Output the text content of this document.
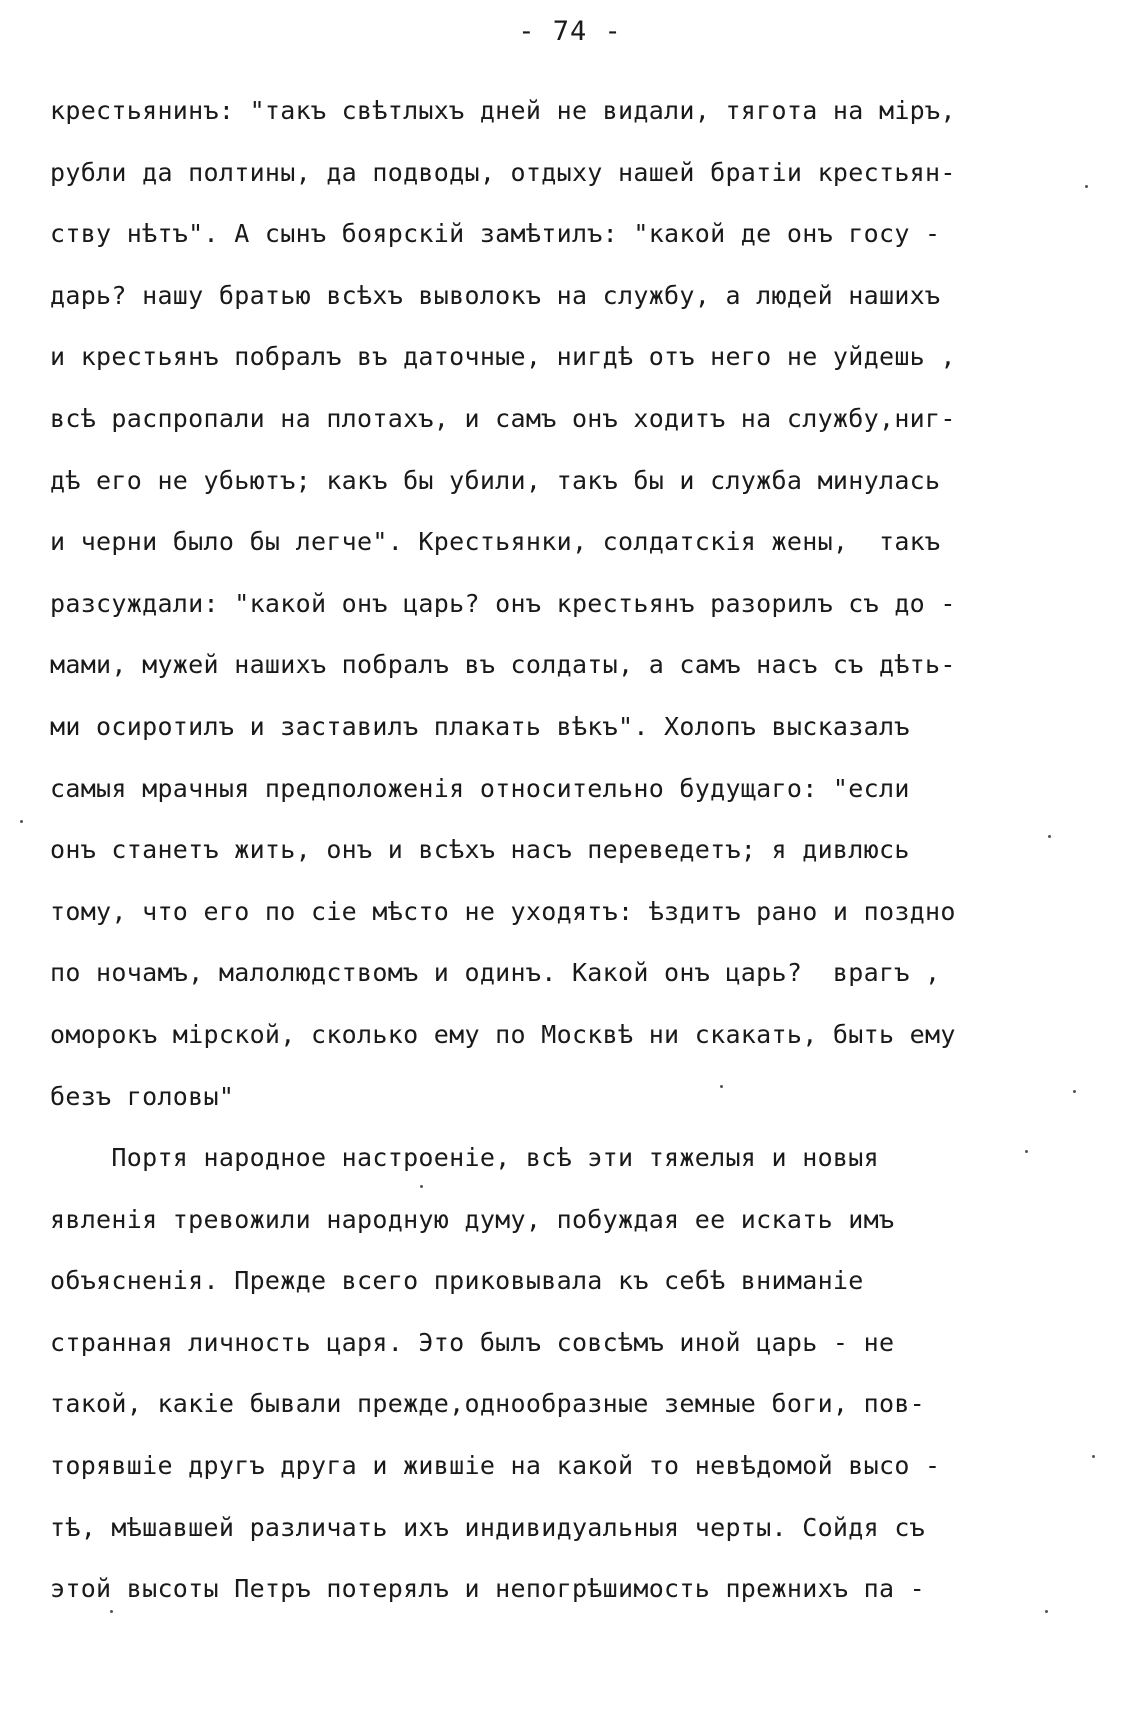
- 74 -
крестьянинъ: "такъ свѣтлыхъ дней не видали, тягота на міръ,
рубли да полтины, да подводы, отдыху нашей братіи крестьян-
ству нѣтъ". А сынъ боярскій замѣтилъ: "какой де онъ госу -
дарь? нашу братью всѣхъ выволокъ на службу, а людей нашихъ
и крестьянъ побралъ въ даточные, нигдѣ отъ него не уйдешь ,
всѣ распропали на плотахъ, и самъ онъ ходитъ на службу,ниг-
дѣ его не убьютъ; какъ бы убили, такъ бы и служба минулась
и черни было бы легче". Крестьянки, солдатскія жены,  такъ
разсуждали: "какой онъ царь? онъ крестьянъ разорилъ съ до -
мами, мужей нашихъ побралъ въ солдаты, а самъ насъ съ дѣть-
ми осиротилъ и заставилъ плакать вѣкъ". Холопъ высказалъ
самыя мрачныя предположенія относительно будущаго: "если
онъ станетъ жить, онъ и всѣхъ насъ переведетъ; я дивлюсь
тому, что его по сіе мѣсто не уходятъ: ѣздитъ рано и поздно
по ночамъ, малолюдствомъ и одинъ. Какой онъ царь?  врагъ ,
оморокъ мірской, сколько ему по Москвѣ ни скакать, быть ему
безъ головы"
Портя народное настроеніе, всѣ эти тяжелыя и новыя
явленія тревожили народную думу, побуждая ее искать имъ
объясненія. Прежде всего приковывала къ себѣ вниманіе
странная личность царя. Это былъ совсѣмъ иной царь - не
такой, какіе бывали прежде,однообразные земные боги, пов-
торявшіе другъ друга и жившіе на какой то невѣдомой высо -
тѣ, мѣшавшей различать ихъ индивидуальныя черты. Сойдя съ
этой высоты Петръ потерялъ и непогрѣшимость прежнихъ па -
